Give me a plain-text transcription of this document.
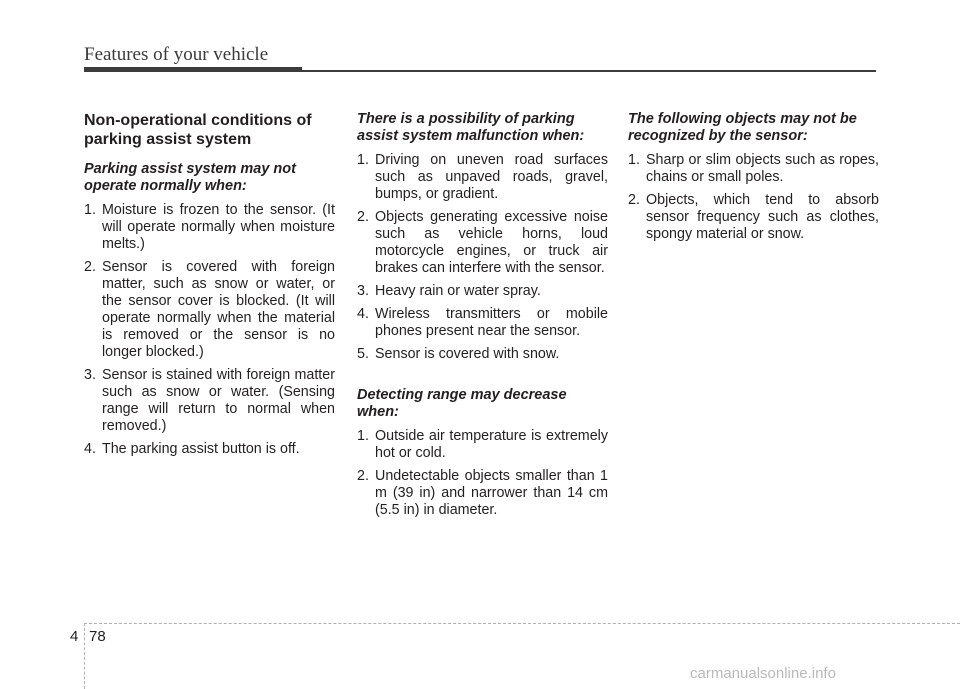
Features of your vehicle
Non-operational conditions of parking assist system
Parking assist system may not operate normally when:
1. Moisture is frozen to the sensor. (It will operate normally when moisture melts.)
2. Sensor is covered with foreign matter, such as snow or water, or the sensor cover is blocked. (It will operate normally when the material is removed or the sensor is no longer blocked.)
3. Sensor is stained with foreign matter such as snow or water. (Sensing range will return to normal when removed.)
4. The parking assist button is off.
There is a possibility of parking assist system malfunction when:
1. Driving on uneven road surfaces such as unpaved roads, gravel, bumps, or gradient.
2. Objects generating excessive noise such as vehicle horns, loud motorcycle engines, or truck air brakes can interfere with the sensor.
3. Heavy rain or water spray.
4. Wireless transmitters or mobile phones present near the sensor.
5. Sensor is covered with snow.
Detecting range may decrease when:
1. Outside air temperature is extremely hot or cold.
2. Undetectable objects smaller than 1 m (39 in) and narrower than 14 cm (5.5 in) in diameter.
The following objects may not be recognized by the sensor:
1. Sharp or slim objects such as ropes, chains or small poles.
2. Objects, which tend to absorb sensor frequency such as clothes, spongy material or snow.
4 78
carmanualsonline.info
